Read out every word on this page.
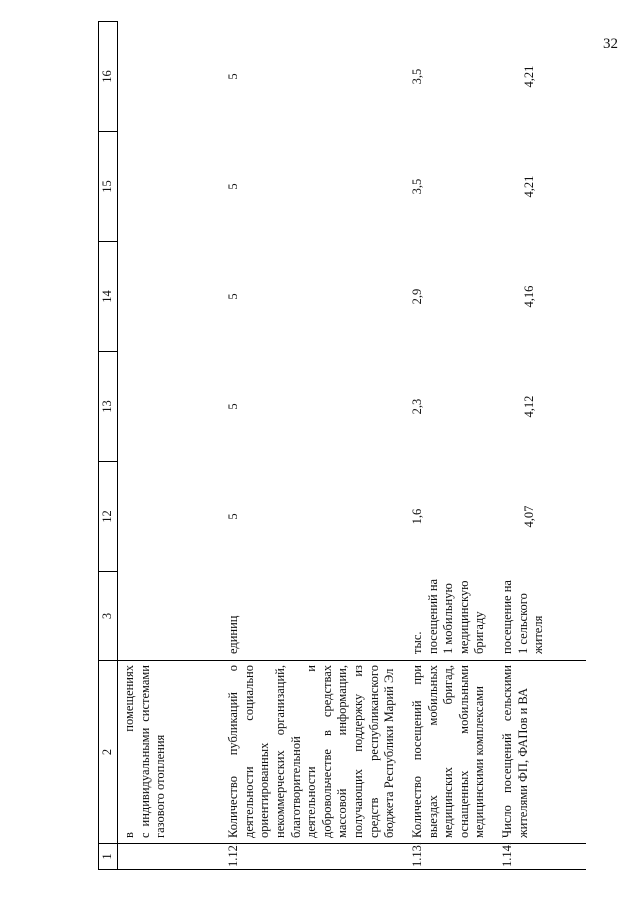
32
1	2	3	12	13	14	15	16

	в
помещениях с индивидуальными системами газового отопления						

1.12.	Количество публикаций о деятельности социально ориентированных некоммерческих организаций, благотворительной деятельности и добровольчестве в средствах массовой информации, получающих поддержку из средств республиканского бюджета Республики Марий Эл	единиц	5	5	5	5	5
1.13.	Количество посещений при выездах мобильных медицинских бригад, оснащенных мобильными медицинскими комплексами	тыс. посещений на 1 мобильную медицинскую бригаду	1,6	2,3	2,9	3,5	3,5
1.14.	Число посещений сельскими жителями ФП, ФАПов и ВА	посещение на 1 сельского жителя	4,07	4,12	4,16	4,21	4,21
